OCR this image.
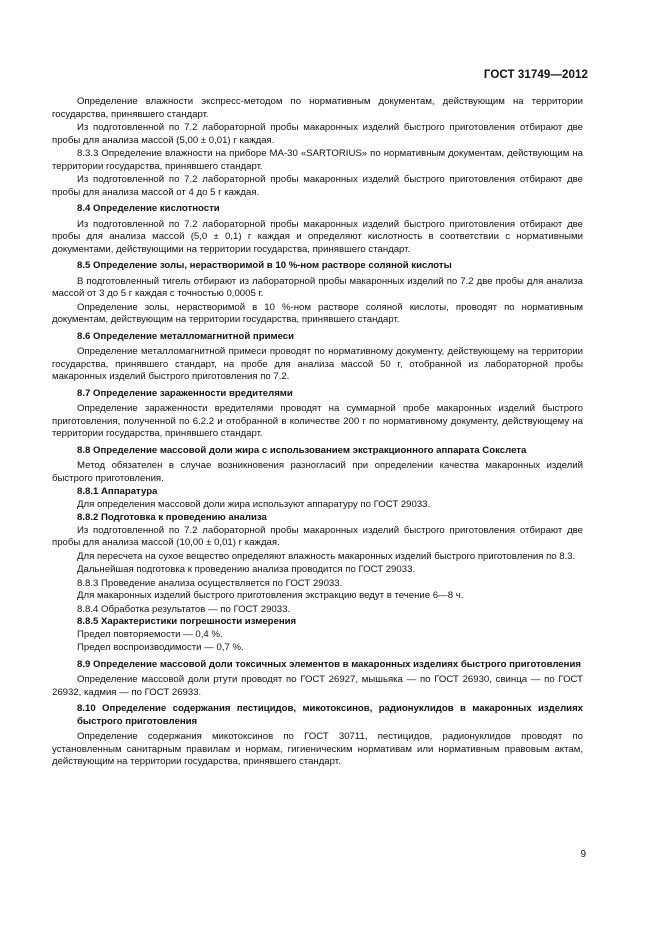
ГОСТ 31749—2012

Определение влажности экспресс-методом по нормативным документам, действующим на территории государства, принявшего стандарт.

Из подготовленной по 7.2 лабораторной пробы макаронных изделий быстрого приготовления отбирают две пробы для анализа массой (5,00 ± 0,01) г каждая.

8.3.3 Определение влажности на приборе МА-30 «SARTORIUS» по нормативным документам, действующим на территории государства, принявшего стандарт.

Из подготовленной по 7.2 лабораторной пробы макаронных изделий быстрого приготовления отбирают две пробы для анализа массой от 4 до 5 г каждая.

8.4 Определение кислотности

Из подготовленной по 7.2 лабораторной пробы макаронных изделий быстрого приготовления отбирают две пробы для анализа массой (5,0 ± 0,1) г каждая и определяют кислотность в соответствии с нормативными документами, действующими на территории государства, принявшего стандарт.

8.5 Определение золы, нерастворимой в 10 %-ном растворе соляной кислоты

В подготовленный тигель отбирают из лабораторной пробы макаронных изделий по 7.2 две пробы для анализа массой от 3 до 5 г каждая с точностью 0,0005 г.

Определение золы, нерастворимой в 10 %-ном растворе соляной кислоты, проводят по нормативным документам, действующим на территории государства, принявшего стандарт.

8.6 Определение металломагнитной примеси

Определение металломагнитной примеси проводят по нормативному документу, действующему на территории государства, принявшего стандарт, на пробе для анализа массой 50 г, отобранной из лабораторной пробы макаронных изделий быстрого приготовления по 7.2.

8.7 Определение зараженности вредителями

Определение зараженности вредителями проводят на суммарной пробе макаронных изделий быстрого приготовления, полученной по 6.2.2 и отобранной в количестве 200 г по нормативному документу, действующему на территории государства, принявшего стандарт.

8.8 Определение массовой доли жира с использованием экстракционного аппарата Сокслета

Метод обязателен в случае возникновения разногласий при определении качества макаронных изделий быстрого приготовления.

8.8.1 Аппаратура

Для определения массовой доли жира используют аппаратуру по ГОСТ 29033.

8.8.2 Подготовка к проведению анализа

Из подготовленной по 7.2 лабораторной пробы макаронных изделий быстрого приготовления отбирают две пробы для анализа массой (10,00 ± 0,01) г каждая.

Для пересчета на сухое вещество определяют влажность макаронных изделий быстрого приготовления по 8.3.

Дальнейшая подготовка к проведению анализа проводится по ГОСТ 29033.

8.8.3 Проведение анализа осуществляется по ГОСТ 29033.

Для макаронных изделий быстрого приготовления экстракцию ведут в течение 6—8 ч.

8.8.4 Обработка результатов — по ГОСТ 29033.

8.8.5 Характеристики погрешности измерения

Предел повторяемости — 0,4 %.

Предел воспроизводимости — 0,7 %.

8.9 Определение массовой доли токсичных элементов в макаронных изделиях быстрого приготовления

Определение массовой доли ртути проводят по ГОСТ 26927, мышьяка — по ГОСТ 26930, свинца — по ГОСТ 26932, кадмия — по ГОСТ 26933.

8.10 Определение содержания пестицидов, микотоксинов, радионуклидов в макаронных изделиях быстрого приготовления

Определение содержания микотоксинов по ГОСТ 30711, пестицидов, радионуклидов проводят по установленным санитарным правилам и нормам, гигиеническим нормативам или нормативным правовым актам, действующим на территории государства, принявшего стандарт.

9
